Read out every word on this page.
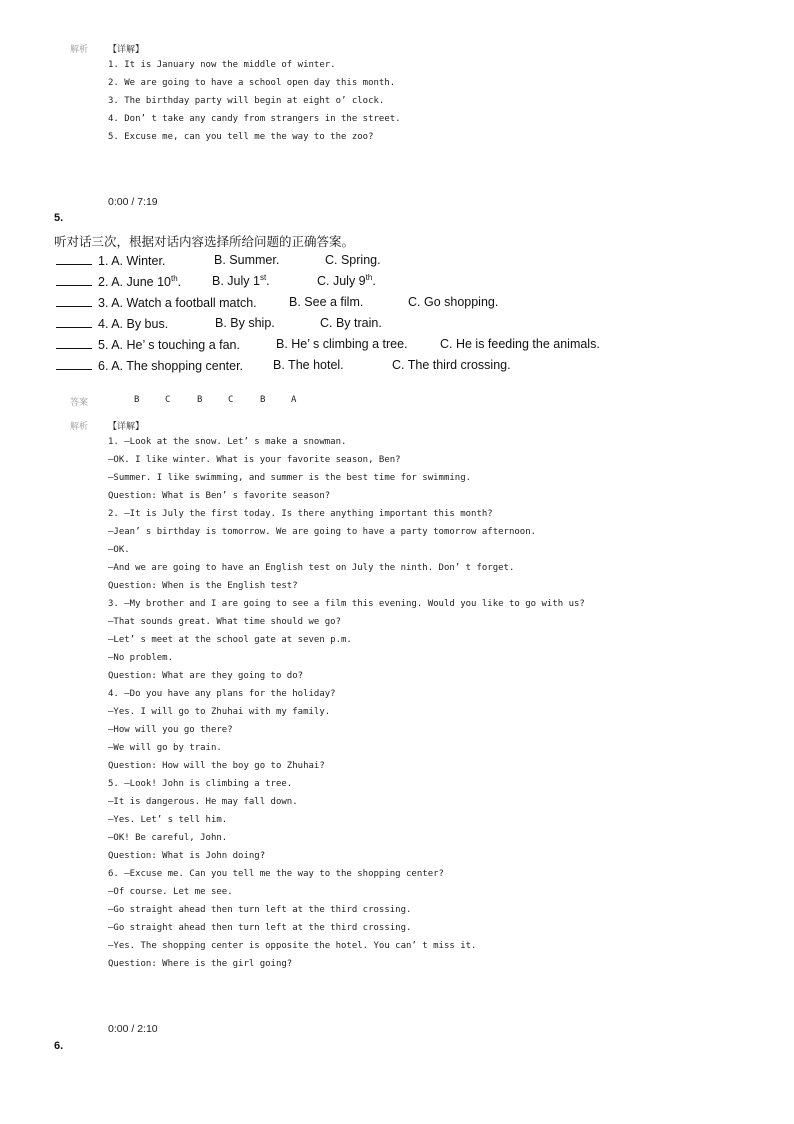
解析 【详解】
1. It is January now the middle of winter.
2. We are going to have a school open day this month.
3. The birthday party will begin at eight o’ clock.
4. Don’ t take any candy from strangers in the street.
5. Excuse me, can you tell me the way to the zoo?
0:00 / 7:19
5.
听对话三次，根据对话内容选择所给问题的正确答案。
1. A. Winter.	B. Summer.	C. Spring.
2. A. June 10th. B. July 1st.	C. July 9th.
3. A. Watch a football match.	B. See a film.	C. Go shopping.
4. A. By bus.	B. By ship.	C. By train.
5. A. He’ s touching a fan.	B. He’ s climbing a tree.	C. He is feeding the animals.
6. A. The shopping center. B. The hotel.	C. The third crossing.
答案	B	C	B	C	B	A
解析 【详解】
1. —Look at the snow. Let’ s make a snowman.
—OK. I like winter. What is your favorite season, Ben?
—Summer. I like swimming, and summer is the best time for swimming.
Question: What is Ben’ s favorite season?
2. —It is July the first today. Is there anything important this month?
—Jean’ s birthday is tomorrow. We are going to have a party tomorrow afternoon.
—OK.
—And we are going to have an English test on July the ninth. Don’ t forget.
Question: When is the English test?
3. —My brother and I are going to see a film this evening. Would you like to go with us?
—That sounds great. What time should we go?
—Let’ s meet at the school gate at seven p.m.
—No problem.
Question: What are they going to do?
4. —Do you have any plans for the holiday?
—Yes. I will go to Zhuhai with my family.
—How will you go there?
—We will go by train.
Question: How will the boy go to Zhuhai?
5. —Look! John is climbing a tree.
—It is dangerous. He may fall down.
—Yes. Let’ s tell him.
—OK! Be careful, John.
Question: What is John doing?
6. —Excuse me. Can you tell me the way to the shopping center?
—Of course. Let me see.
—Go straight ahead then turn left at the third crossing.
—Go straight ahead then turn left at the third crossing.
—Yes. The shopping center is opposite the hotel. You can’ t miss it.
Question: Where is the girl going?
0:00 / 2:10
6.
